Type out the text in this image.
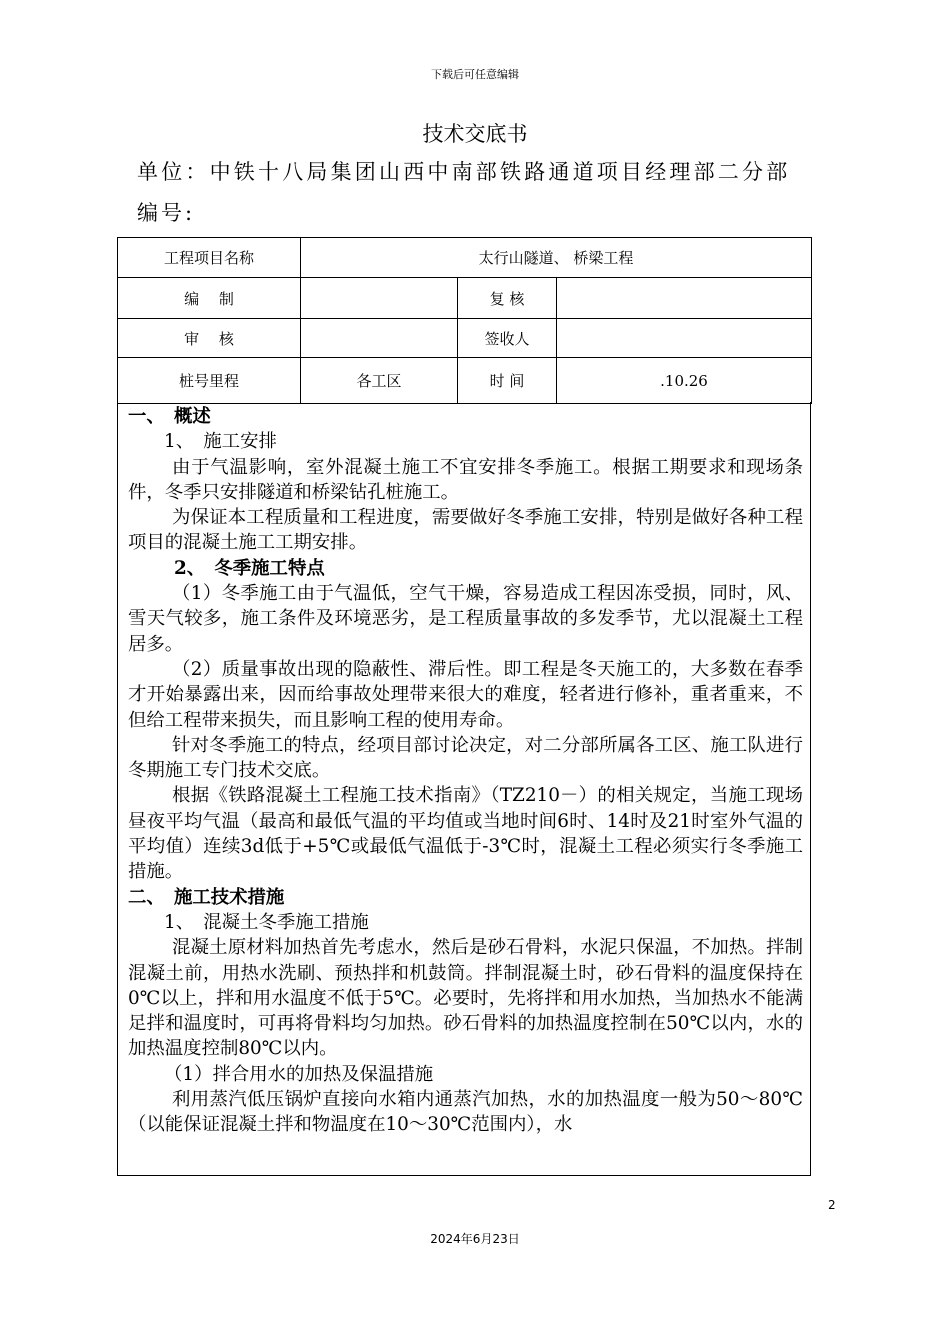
下载后可任意编辑
技术交底书
单位：中铁十八局集团山西中南部铁路通道项目经理部二分部
编号:
工程项目名称	太行山隧道、 桥梁工程		
编　 制		复 核	
审　 核		签收人	
桩号里程	各工区	时 间	.10.26

一、　概述

1、　施工安排

由于气温影响，室外混凝土施工不宜安排冬季施工。根据工期要求和现场条件，冬季只安排隧道和桥梁钻孔桩施工。

为保证本工程质量和工程进度，需要做好冬季施工安排，特别是做好各种工程项目的混凝土施工工期安排。

2、　冬季施工特点

（1）冬季施工由于气温低，空气干燥，容易造成工程因冻受损，同时，风、雪天气较多，施工条件及环境恶劣，是工程质量事故的多发季节，尤以混凝土工程居多。

（2）质量事故出现的隐蔽性、滞后性。即工程是冬天施工的，大多数在春季才开始暴露出来，因而给事故处理带来很大的难度，轻者进行修补，重者重来，不但给工程带来损失，而且影响工程的使用寿命。

针对冬季施工的特点，经项目部讨论决定，对二分部所属各工区、施工队进行冬期施工专门技术交底。

根据《铁路混凝土工程施工技术指南》（TZ210－）的相关规定，当施工现场昼夜平均气温（最高和最低气温的平均值或当地时间6时、14时及21时室外气温的平均值）连续3d低于+5℃或最低气温低于-3℃时，混凝土工程必须实行冬季施工措施。

二、　施工技术措施

1、　混凝土冬季施工措施

混凝土原材料加热首先考虑水，然后是砂石骨料，水泥只保温，不加热。拌制混凝土前，用热水洗刷、预热拌和机鼓筒。拌制混凝土时，砂石骨料的温度保持在0℃以上，拌和用水温度不低于5℃。必要时，先将拌和用水加热，当加热水不能满足拌和温度时，可再将骨料均匀加热。砂石骨料的加热温度控制在50℃以内，水的加热温度控制80℃以内。

（1）拌合用水的加热及保温措施

利用蒸汽低压锅炉直接向水箱内通蒸汽加热，水的加热温度一般为50～80℃（以能保证混凝土拌和物温度在10～30℃范围内），水

2
2024年6月23日
